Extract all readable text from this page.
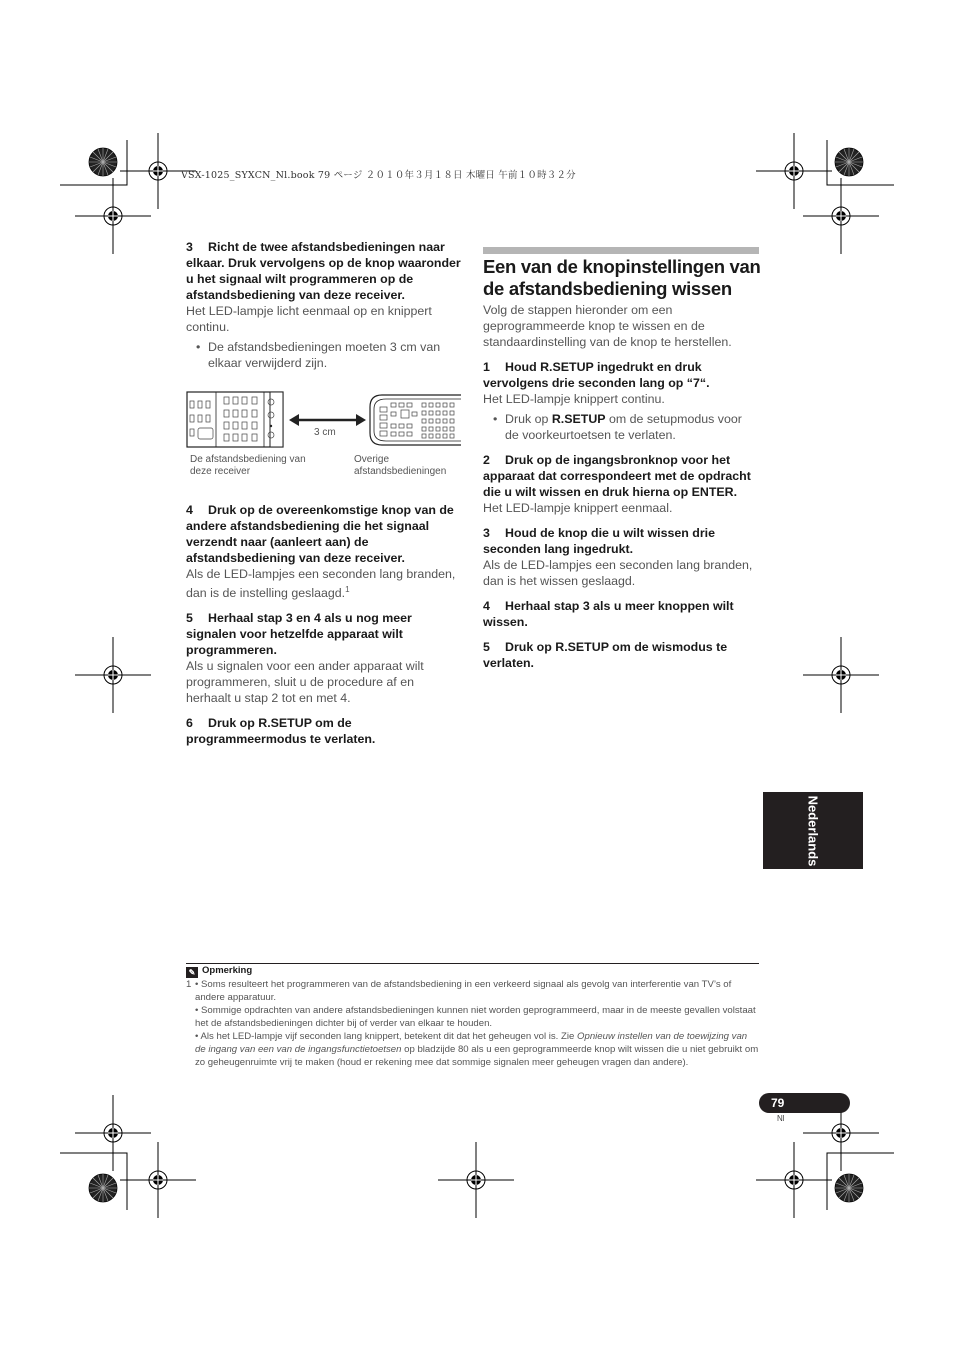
VSX-1025_SYXCN_Nl.book 79 ページ ２０１０年３月１８日 木曜日 午前１０時３２分

3 Richt de twee afstandsbedieningen naar elkaar. Druk vervolgens op de knop waaronder u het signaal wilt programmeren op de afstandsbediening van deze receiver.

Het LED-lampje licht eenmaal op en knippert continu.

• De afstandsbedieningen moeten 3 cm van elkaar verwijderd zijn.

3 cm
De afstandsbediening van deze receiver
Overige afstandsbedieningen

4 Druk op de overeenkomstige knop van de andere afstandsbediening die het signaal verzendt naar (aanleert aan) de afstandsbediening van deze receiver.

Als de LED-lampjes een seconden lang branden, dan is de instelling geslaagd.$^1$

5 Herhaal stap 3 en 4 als u nog meer signalen voor hetzelfde apparaat wilt programmeren.

Als u signalen voor een ander apparaat wilt programmeren, sluit u de procedure af en herhaalt u stap 2 tot en met 4.

6 Druk op R.SETUP om de programmeermodus te verlaten.

Een van de knopinstellingen van de afstandsbediening wissen

Volg de stappen hieronder om een geprogrammeerde knop te wissen en de standaardinstelling van de knop te herstellen.

1 Houd R.SETUP ingedrukt en druk vervolgens drie seconden lang op “7“.

Het LED-lampje knippert continu.

• Druk op R.SETUP om de setupmodus voor de voorkeurtoetsen te verlaten.

2 Druk op de ingangsbronknop voor het apparaat dat correspondeert met de opdracht die u wilt wissen en druk hierna op ENTER.

Het LED-lampje knippert eenmaal.

3 Houd de knop die u wilt wissen drie seconden lang ingedrukt.

Als de LED-lampjes een seconden lang branden, dan is het wissen geslaagd.

4 Herhaal stap 3 als u meer knoppen wilt wissen.

5 Druk op R.SETUP om de wismodus te verlaten.

Nederlands
✎ Opmerking
1 • Soms resulteert het programmeren van de afstandsbediening in een verkeerd signaal als gevolg van interferentie van TV’s of andere apparatuur.
• Sommige opdrachten van andere afstandsbedieningen kunnen niet worden geprogrammeerd, maar in de meeste gevallen volstaat het de afstandsbedieningen dichter bij of verder van elkaar te houden.
• Als het LED-lampje vijf seconden lang knippert, betekent dit dat het geheugen vol is. Zie Opnieuw instellen van de toewijzing van de ingang van een van de ingangsfunctietoetsen op bladzijde 80 als u een geprogrammeerde knop wilt wissen die u niet gebruikt om zo geheugenruimte vrij te maken (houd er rekening mee dat sommige signalen meer geheugen vragen dan andere).
79
Nl
